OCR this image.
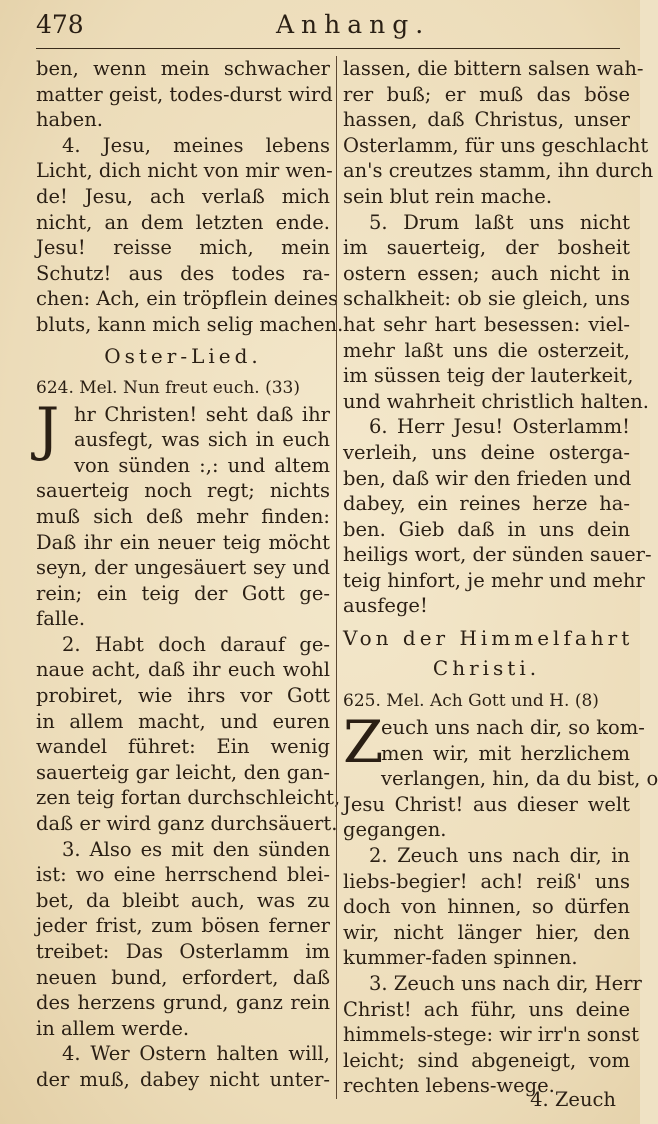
478	Anhang.
ben, wenn mein schwacher
matter geist, todes-durst wird
haben.
4. Jesu, meines lebens
Licht, dich nicht von mir wen-
de! Jesu, ach verlaß mich
nicht, an dem letzten ende.
Jesu! reisse mich, mein
Schutz! aus des todes ra-
chen: Ach, ein tröpflein deines
bluts, kann mich selig machen.
Oster-Lied.
624. Mel. Nun freut euch. (33)
J hr Christen! seht daß ihr
ausfegt, was sich in euch
von sünden :,: und altem
sauerteig noch regt; nichts
muß sich deß mehr finden:
Daß ihr ein neuer teig möcht
seyn, der ungesäuert sey und
rein; ein teig der Gott ge-
falle.
2. Habt doch darauf ge-
naue acht, daß ihr euch wohl
probiret, wie ihrs vor Gott
in allem macht, und euren
wandel führet: Ein wenig
sauerteig gar leicht, den gan-
zen teig fortan durchschleicht,
daß er wird ganz durchsäuert.
3. Also es mit den sünden
ist: wo eine herrschend blei-
bet, da bleibt auch, was zu
jeder frist, zum bösen ferner
treibet: Das Osterlamm im
neuen bund, erfordert, daß
des herzens grund, ganz rein
in allem werde.
4. Wer Ostern halten will,
der muß, dabey nicht unter-
lassen, die bittern salsen wah-
rer buß; er muß das böse
hassen, daß Christus, unser
Osterlamm, für uns geschlacht
an's creutzes stamm, ihn durch
sein blut rein mache.
5. Drum laßt uns nicht
im sauerteig, der bosheit
ostern essen; auch nicht in
schalkheit: ob sie gleich, uns
hat sehr hart besessen: viel-
mehr laßt uns die osterzeit,
im süssen teig der lauterkeit,
und wahrheit christlich halten.
6. Herr Jesu! Osterlamm!
verleih, uns deine osterga-
ben, daß wir den frieden und
dabey, ein reines herze ha-
ben. Gieb daß in uns dein
heiligs wort, der sünden sauer-
teig hinfort, je mehr und mehr
ausfege!
Von der Himmelfahrt
Christi.
625. Mel. Ach Gott und H. (8)
Z
euch uns nach dir, so kom-
men wir, mit herzlichem
verlangen, hin, da du bist, o
Jesu Christ! aus dieser welt
gegangen.
2. Zeuch uns nach dir, in
liebs-begier! ach! reiß' uns
doch von hinnen, so dürfen
wir, nicht länger hier, den
kummer-faden spinnen.
3. Zeuch uns nach dir, Herr
Christ! ach führ, uns deine
himmels-stege: wir irr'n sonst
leicht; sind abgeneigt, vom
rechten lebens-wege.
4. Zeuch
